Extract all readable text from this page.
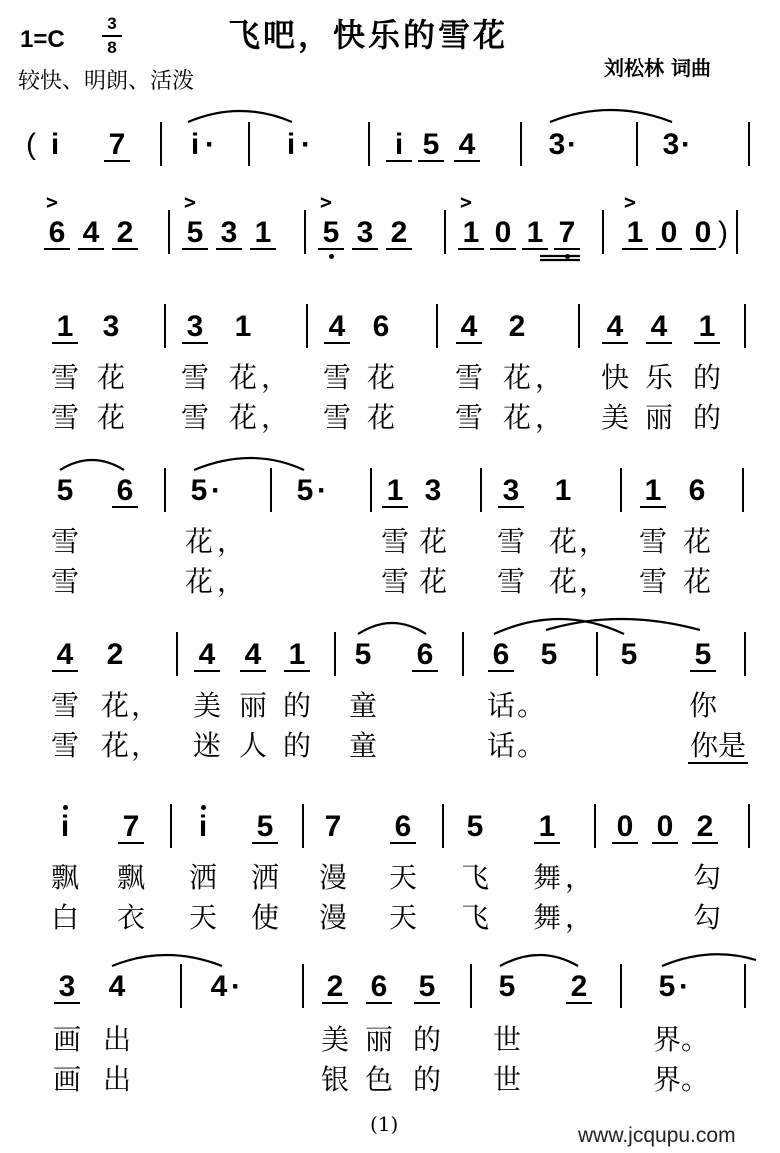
1=C
3
8
较快、明朗、活泼
飞吧，快乐的雪花
刘松林 词曲
( i 7 i · i ·	i 5 4 3 ·	3 ·
>
6 4 2
>
5 3 1
>
5 3 2
>
1 0 1 7
>
1 0 0 )
1 3 3 1	4 6 4 2	4 4 1
雪 花 雪 花 ， 雪 花 雪 花 ， 快 乐 的
雪 花 雪 花 ， 雪 花 雪 花 ， 美 丽 的
5 6 5 ·	5 · 1 3 3 1 1 6
雪	花 ，	雪 花 雪 花 ， 雪 花
雪	花 ，	雪 花 雪 花 ， 雪 花
4 2	4 4 1 5 6 6 5 5 5
雪 花 ， 美 丽 的 童	话 。	你
雪 花 ， 迷 人 的 童	话 。	你是
i 7 i 5 7 6 5 1 0 0 2
飘 飘 洒 洒 漫 天 飞 舞 ，	勾
白 衣 天 使 漫 天 飞 舞 ，	勾
3 4	4 ·	2 6 5 5 2 5 ·
画 出	美 丽 的 世	界 。
画 出	银 色 的 世	界 。
(1)	www.jcqupu.com
